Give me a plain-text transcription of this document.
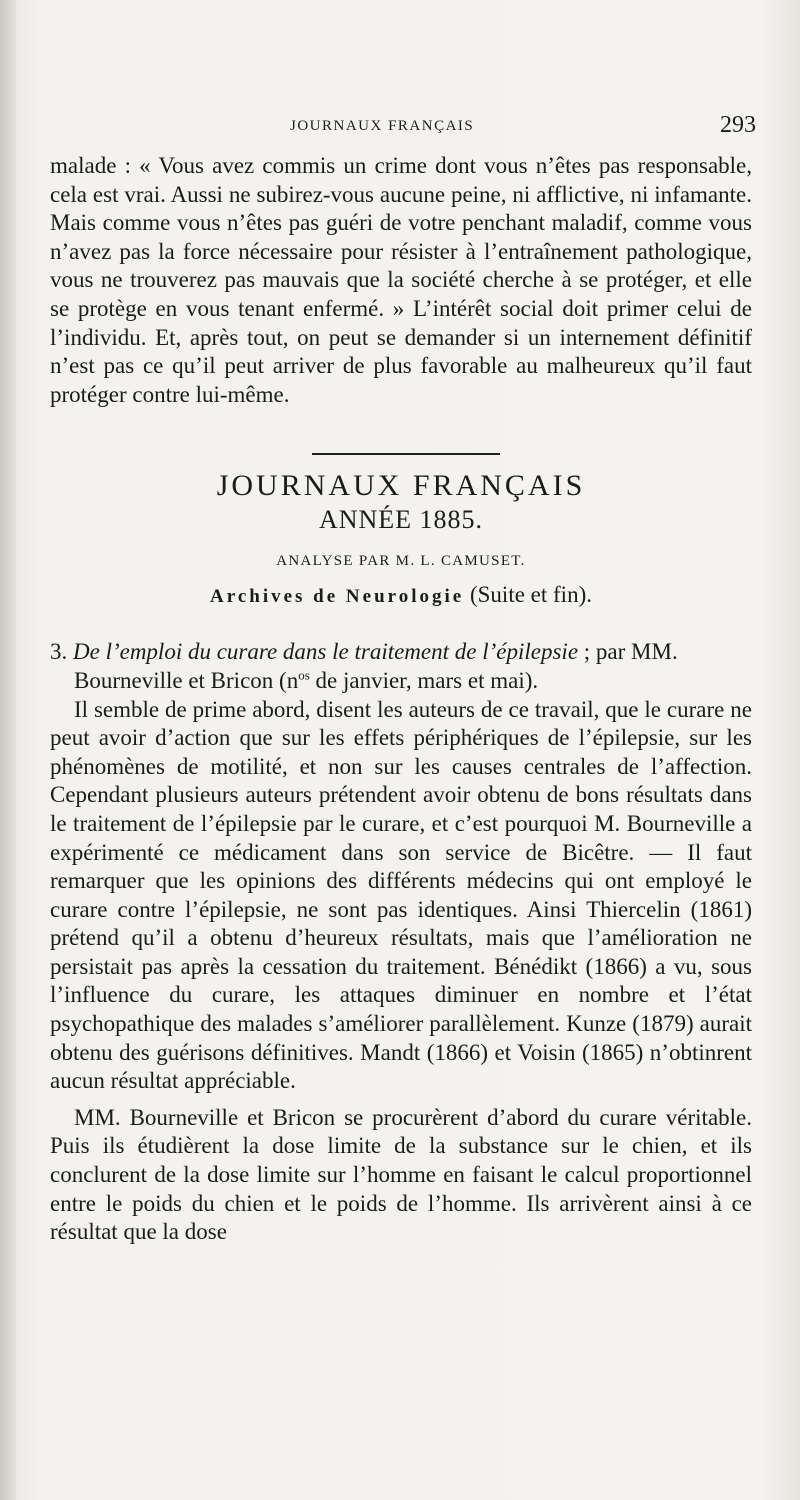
JOURNAUX FRANÇAIS	293

malade : « Vous avez commis un crime dont vous n’êtes pas responsable, cela est vrai. Aussi ne subirez-vous aucune peine, ni afflictive, ni infamante. Mais comme vous n’êtes pas guéri de votre penchant maladif, comme vous n’avez pas la force nécessaire pour résister à l’entraînement pathologique, vous ne trouverez pas mauvais que la société cherche à se protéger, et elle se protège en vous tenant enfermé. » L’intérêt social doit primer celui de l’individu. Et, après tout, on peut se demander si un internement définitif n’est pas ce qu’il peut arriver de plus favorable au malheureux qu’il faut protéger contre lui-même.

JOURNAUX FRANÇAIS

ANNÉE 1885.

ANALYSE PAR M. L. CAMUSET.

Archives de Neurologie (Suite et fin).

3. De l’emploi du curare dans le traitement de l’épilepsie ; par MM. Bourneville et Bricon ($n^{os}$ de janvier, mars et mai).

Il semble de prime abord, disent les auteurs de ce travail, que le curare ne peut avoir d’action que sur les effets périphériques de l’épilepsie, sur les phénomènes de motilité, et non sur les causes centrales de l’affection. Cependant plusieurs auteurs prétendent avoir obtenu de bons résultats dans le traitement de l’épilepsie par le curare, et c’est pourquoi M. Bourneville a expérimenté ce médicament dans son service de Bicêtre. — Il faut remarquer que les opinions des différents médecins qui ont employé le curare contre l’épilepsie, ne sont pas identiques. Ainsi Thiercelin (1861) prétend qu’il a obtenu d’heureux résultats, mais que l’amélioration ne persistait pas après la cessation du traitement. Bénédikt (1866) a vu, sous l’influence du curare, les attaques diminuer en nombre et l’état psychopathique des malades s’améliorer parallèlement. Kunze (1879) aurait obtenu des guérisons définitives. Mandt (1866) et Voisin (1865) n’obtinrent aucun résultat appréciable.

MM. Bourneville et Bricon se procurèrent d’abord du curare véritable. Puis ils étudièrent la dose limite de la substance sur le chien, et ils conclurent de la dose limite sur l’homme en faisant le calcul proportionnel entre le poids du chien et le poids de l’homme. Ils arrivèrent ainsi à ce résultat que la dose
